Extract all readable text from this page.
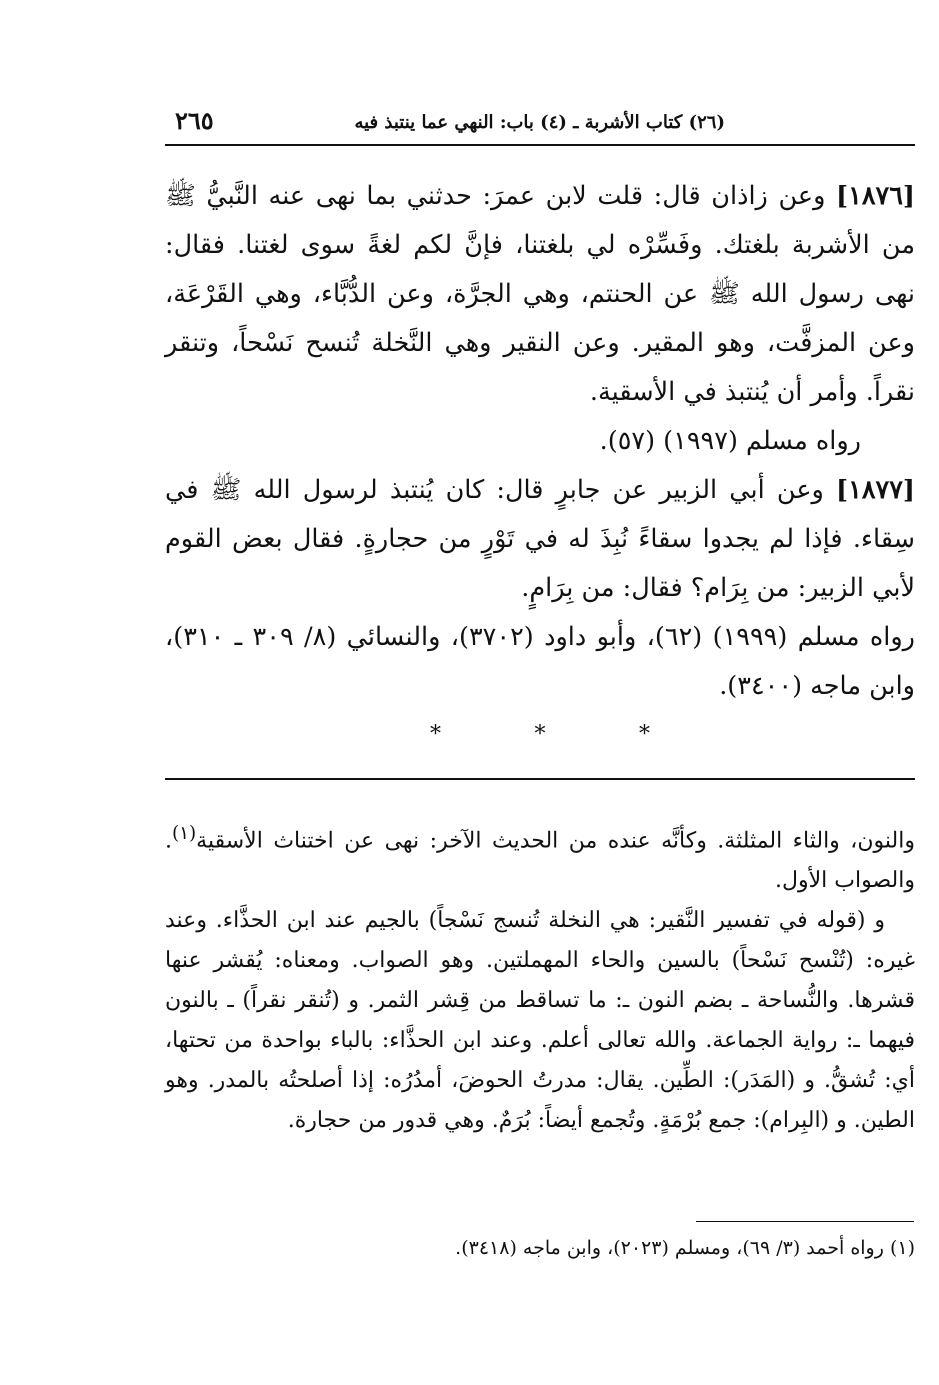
٢٦٥	(٢٦) كتاب الأشربة ـ (٤) باب: النهي عما ينتبذ فيه

[١٨٧٦] وعن زاذان قال: قلت لابن عمرَ: حدثني بما نهى عنه النَّبيُّ ﷺ من الأشربة بلغتك. وفَسِّرْه لي بلغتنا، فإنَّ لكم لغةً سوى لغتنا. فقال: نهى رسول الله ﷺ عن الحنتم، وهي الجرَّة، وعن الدُّبَّاء، وهي القَرْعَة، وعن المزفَّت، وهو المقير. وعن النقير وهي النَّخلة تُنسح نَسْحاً، وتنقر نقراً. وأمر أن يُنتبذ في الأسقية.

رواه مسلم (١٩٩٧) (٥٧).

[١٨٧٧] وعن أبي الزبير عن جابرٍ قال: كان يُنتبذ لرسول الله ﷺ في سِقاء. فإذا لم يجدوا سقاءً نُبِذَ له في تَوْرٍ من حجارةٍ. فقال بعض القوم لأبي الزبير: من بِرَام؟ فقال: من بِرَامٍ.

رواه مسلم (١٩٩٩) (٦٢)، وأبو داود (٣٧٠٢)، والنسائي (٨/ ٣٠٩ ـ ٣١٠)، وابن ماجه (٣٤٠٠).

*	*	*

والنون، والثاء المثلثة. وكأنَّه عنده من الحديث الآخر: نهى عن اختناث الأسقية$^{(١)}$. والصواب الأول.

و (قوله في تفسير النَّقير: هي النخلة تُنسج نَسْجاً) بالجيم عند ابن الحذَّاء. وعند غيره: (تُنْسح نَسْحاً) بالسين والحاء المهملتين. وهو الصواب. ومعناه: يُقشر عنها قشرها. والنُّساحة ـ بضم النون ـ: ما تساقط من قِشر الثمر. و (تُنقر نقراً) ـ بالنون فيهما ـ: رواية الجماعة. والله تعالى أعلم. وعند ابن الحذَّاء: بالباء بواحدة من تحتها، أي: تُشقُّ. و (المَدَر): الطِّين. يقال: مدرتُ الحوضَ، أمدُرُه: إذا أصلحتُه بالمدر. وهو الطين. و (البِرام): جمع بُرْمَةٍ. وتُجمع أيضاً: بُرَمٌ. وهي قدور من حجارة.

(١) رواه أحمد (٣/ ٦٩)، ومسلم (٢٠٢٣)، وابن ماجه (٣٤١٨).
